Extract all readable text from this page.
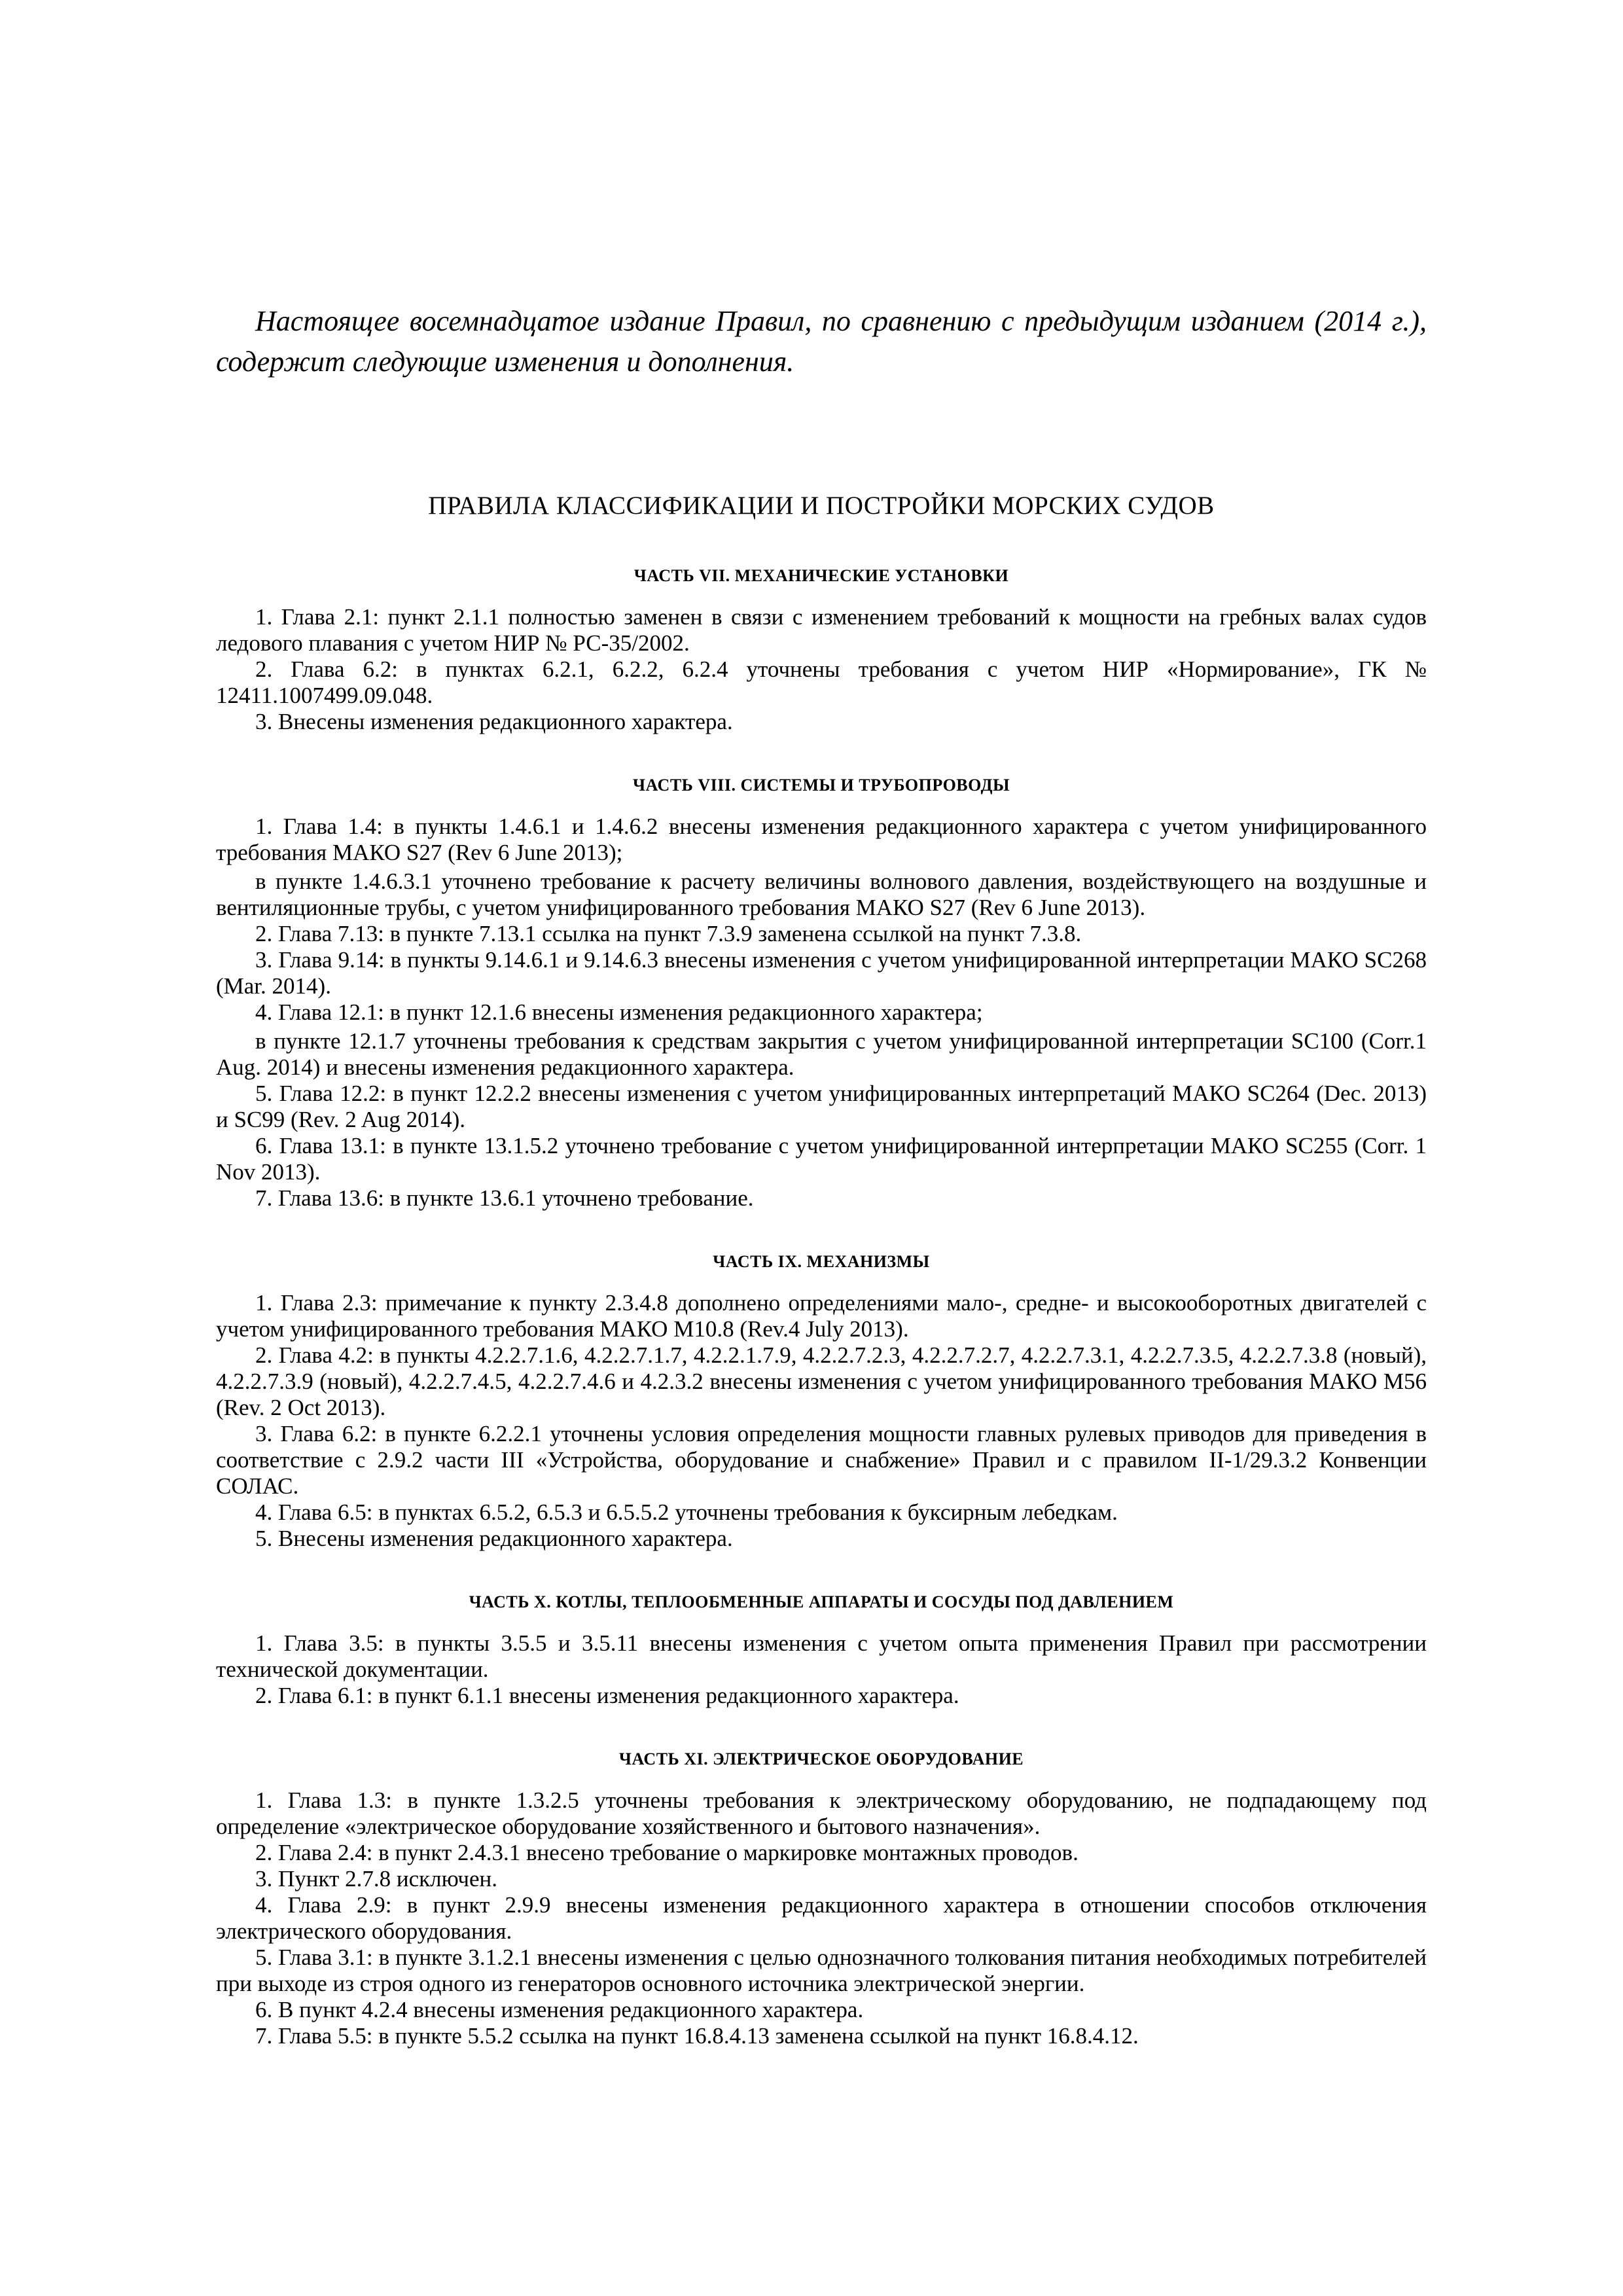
Настоящее восемнадцатое издание Правил, по сравнению с предыдущим изданием (2014 г.), содержит следующие изменения и дополнения.

ПРАВИЛА КЛАССИФИКАЦИИ И ПОСТРОЙКИ МОРСКИХ СУДОВ
ЧАСТЬ VII. МЕХАНИЧЕСКИЕ УСТАНОВКИ

1. Глава 2.1: пункт 2.1.1 полностью заменен в связи с изменением требований к мощности на гребных валах судов ледового плавания с учетом НИР № РС-35/2002.

2. Глава 6.2: в пунктах 6.2.1, 6.2.2, 6.2.4 уточнены требования с учетом НИР «Нормирование», ГК № 12411.1007499.09.048.

3. Внесены изменения редакционного характера.

ЧАСТЬ VIII. СИСТЕМЫ И ТРУБОПРОВОДЫ

1. Глава 1.4: в пункты 1.4.6.1 и 1.4.6.2 внесены изменения редакционного характера с учетом унифицированного требования МАКО S27 (Rev 6 June 2013);

в пункте 1.4.6.3.1 уточнено требование к расчету величины волнового давления, воздействующего на воздушные и вентиляционные трубы, с учетом унифицированного требования МАКО S27 (Rev 6 June 2013).

2. Глава 7.13: в пункте 7.13.1 ссылка на пункт 7.3.9 заменена ссылкой на пункт 7.3.8.

3. Глава 9.14: в пункты 9.14.6.1 и 9.14.6.3 внесены изменения с учетом унифицированной интерпретации МАКО SC268 (Mar. 2014).

4. Глава 12.1: в пункт 12.1.6 внесены изменения редакционного характера;

в пункте 12.1.7 уточнены требования к средствам закрытия с учетом унифицированной интерпретации SC100 (Corr.1 Aug. 2014) и внесены изменения редакционного характера.

5. Глава 12.2: в пункт 12.2.2 внесены изменения с учетом унифицированных интерпретаций МАКО SC264 (Dec. 2013) и SC99 (Rev. 2 Aug 2014).

6. Глава 13.1: в пункте 13.1.5.2 уточнено требование с учетом унифицированной интерпретации МАКО SC255 (Corr. 1 Nov 2013).

7. Глава 13.6: в пункте 13.6.1 уточнено требование.

ЧАСТЬ IX. МЕХАНИЗМЫ

1. Глава 2.3: примечание к пункту 2.3.4.8 дополнено определениями мало-, средне- и высокооборотных двигателей с учетом унифицированного требования МАКО M10.8 (Rev.4 July 2013).

2. Глава 4.2: в пункты 4.2.2.7.1.6, 4.2.2.7.1.7, 4.2.2.1.7.9, 4.2.2.7.2.3, 4.2.2.7.2.7, 4.2.2.7.3.1, 4.2.2.7.3.5, 4.2.2.7.3.8 (новый), 4.2.2.7.3.9 (новый), 4.2.2.7.4.5, 4.2.2.7.4.6 и 4.2.3.2 внесены изменения с учетом унифицированного требования МАКО M56 (Rev. 2 Oct 2013).

3. Глава 6.2: в пункте 6.2.2.1 уточнены условия определения мощности главных рулевых приводов для приведения в соответствие с 2.9.2 части III «Устройства, оборудование и снабжение» Правил и с правилом II-1/29.3.2 Конвенции СОЛАС.

4. Глава 6.5: в пунктах 6.5.2, 6.5.3 и 6.5.5.2 уточнены требования к буксирным лебедкам.

5. Внесены изменения редакционного характера.

ЧАСТЬ X. КОТЛЫ, ТЕПЛООБМЕННЫЕ АППАРАТЫ И СОСУДЫ ПОД ДАВЛЕНИЕМ

1. Глава 3.5: в пункты 3.5.5 и 3.5.11 внесены изменения с учетом опыта применения Правил при рассмотрении технической документации.

2. Глава 6.1: в пункт 6.1.1 внесены изменения редакционного характера.

ЧАСТЬ XI. ЭЛЕКТРИЧЕСКОЕ ОБОРУДОВАНИЕ

1. Глава 1.3: в пункте 1.3.2.5 уточнены требования к электрическому оборудованию, не подпадающему под определение «электрическое оборудование хозяйственного и бытового назначения».

2. Глава 2.4: в пункт 2.4.3.1 внесено требование о маркировке монтажных проводов.

3. Пункт 2.7.8 исключен.

4. Глава 2.9: в пункт 2.9.9 внесены изменения редакционного характера в отношении способов отключения электрического оборудования.

5. Глава 3.1: в пункте 3.1.2.1 внесены изменения с целью однозначного толкования питания необходимых потребителей при выходе из строя одного из генераторов основного источника электрической энергии.

6. В пункт 4.2.4 внесены изменения редакционного характера.

7. Глава 5.5: в пункте 5.5.2 ссылка на пункт 16.8.4.13 заменена ссылкой на пункт 16.8.4.12.
